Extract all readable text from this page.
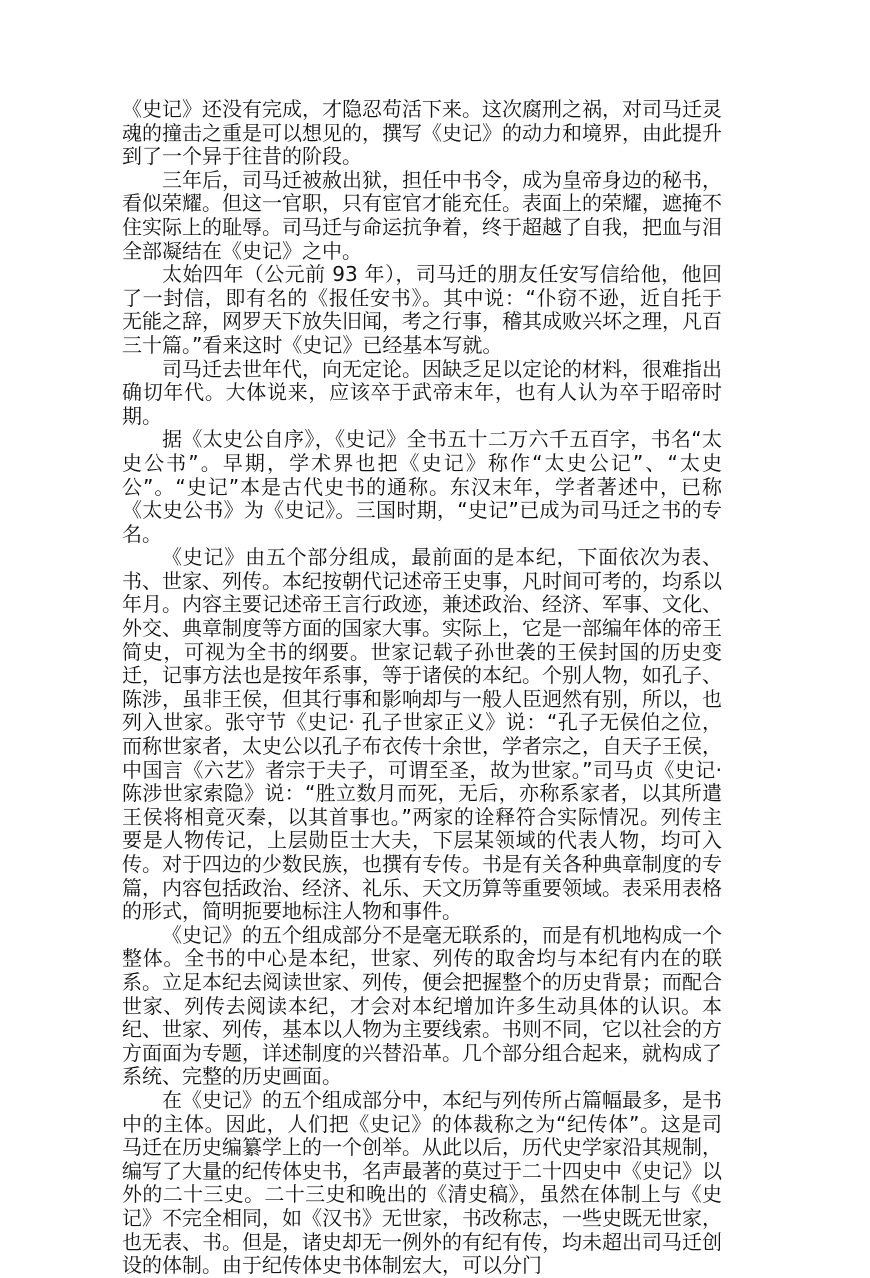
《史记》还没有完成，才隐忍苟活下来。这次腐刑之祸，对司马迁灵魂的撞击之重是可以想见的，撰写《史记》的动力和境界，由此提升到了一个异于往昔的阶段。

三年后，司马迁被赦出狱，担任中书令，成为皇帝身边的秘书，看似荣耀。但这一官职，只有宦官才能充任。表面上的荣耀，遮掩不住实际上的耻辱。司马迁与命运抗争着，终于超越了自我，把血与泪全部凝结在《史记》之中。

太始四年（公元前 93 年），司马迁的朋友任安写信给他，他回了一封信，即有名的《报任安书》。其中说：“仆窃不逊，近自托于无能之辞，网罗天下放失旧闻，考之行事，稽其成败兴坏之理，凡百三十篇。”看来这时《史记》已经基本写就。

司马迁去世年代，向无定论。因缺乏足以定论的材料，很难指出确切年代。大体说来，应该卒于武帝末年，也有人认为卒于昭帝时期。

据《太史公自序》，《史记》全书五十二万六千五百字，书名“太史公书”。早期，学术界也把《史记》称作“太史公记”、“太史公”。“史记”本是古代史书的通称。东汉末年，学者著述中，已称《太史公书》为《史记》。三国时期，“史记”已成为司马迁之书的专名。

《史记》由五个部分组成，最前面的是本纪，下面依次为表、书、世家、列传。本纪按朝代记述帝王史事，凡时间可考的，均系以年月。内容主要记述帝王言行政迹，兼述政治、经济、军事、文化、外交、典章制度等方面的国家大事。实际上，它是一部编年体的帝王简史，可视为全书的纲要。世家记载子孙世袭的王侯封国的历史变迁，记事方法也是按年系事，等于诸侯的本纪。个别人物，如孔子、陈涉，虽非王侯，但其行事和影响却与一般人臣迥然有别，所以，也列入世家。张守节《史记· 孔子世家正义》说：“孔子无侯伯之位，而称世家者，太史公以孔子布衣传十余世，学者宗之，自天子王侯，中国言《六艺》者宗于夫子，可谓至圣，故为世家。”司马贞《史记· 陈涉世家索隐》说：“胜立数月而死，无后，亦称系家者，以其所遣王侯将相竟灭秦，以其首事也。”两家的诠释符合实际情况。列传主要是人物传记，上层勋臣士大夫，下层某领域的代表人物，均可入传。对于四边的少数民族，也撰有专传。书是有关各种典章制度的专篇，内容包括政治、经济、礼乐、天文历算等重要领域。表采用表格的形式，简明扼要地标注人物和事件。

《史记》的五个组成部分不是毫无联系的，而是有机地构成一个整体。全书的中心是本纪，世家、列传的取舍均与本纪有内在的联系。立足本纪去阅读世家、列传，便会把握整个的历史背景；而配合世家、列传去阅读本纪，才会对本纪增加许多生动具体的认识。本纪、世家、列传，基本以人物为主要线索。书则不同，它以社会的方方面面为专题，详述制度的兴替沿革。几个部分组合起来，就构成了系统、完整的历史画面。

在《史记》的五个组成部分中，本纪与列传所占篇幅最多，是书中的主体。因此，人们把《史记》的体裁称之为“纪传体”。这是司马迁在历史编纂学上的一个创举。从此以后，历代史学家沿其规制，编写了大量的纪传体史书，名声最著的莫过于二十四史中《史记》以外的二十三史。二十三史和晚出的《清史稿》，虽然在体制上与《史记》不完全相同，如《汉书》无世家，书改称志，一些史既无世家，也无表、书。但是，诸史却无一例外的有纪有传，均未超出司马迁创设的体制。由于纪传体史书体制宏大，可以分门
